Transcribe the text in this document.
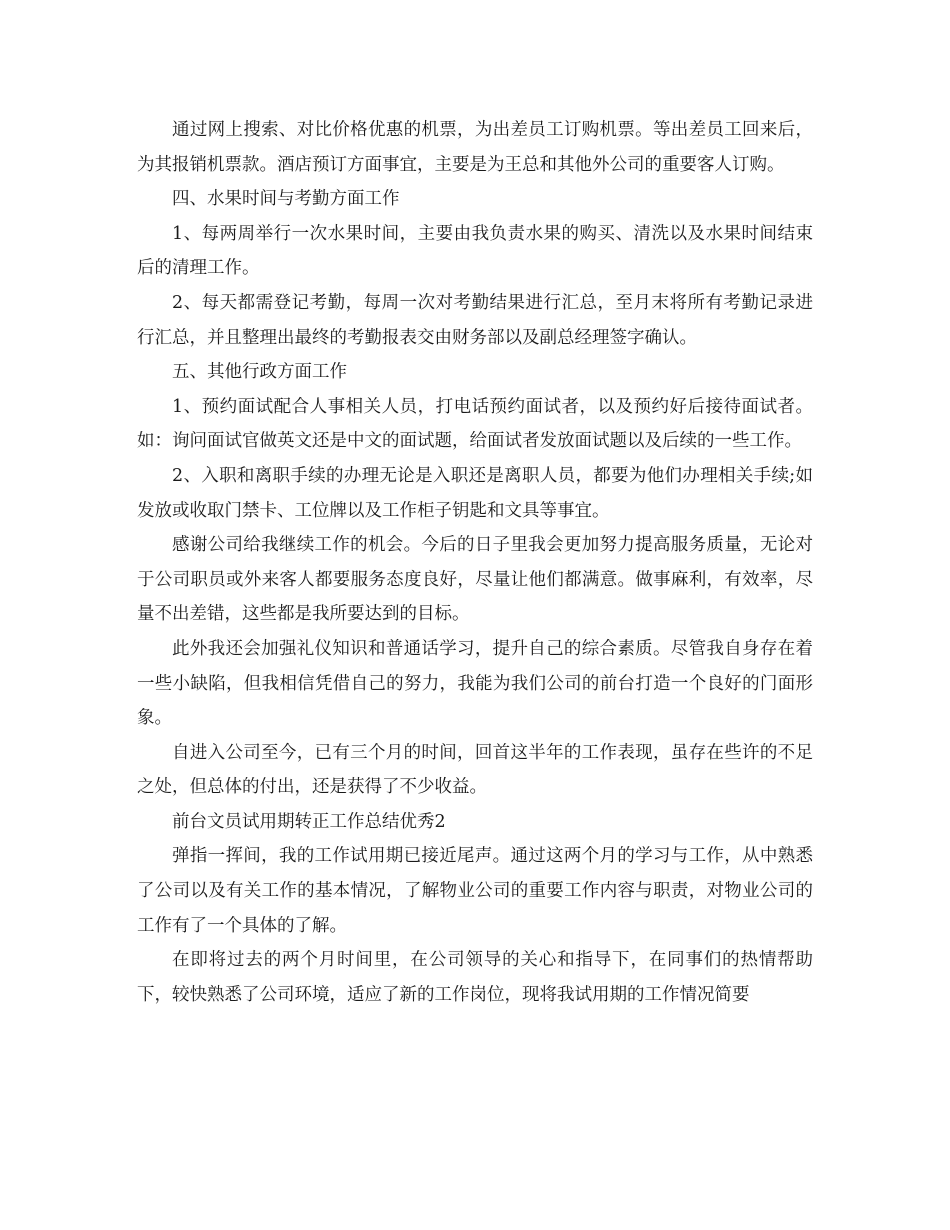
通过网上搜索、对比价格优惠的机票，为出差员工订购机票。等出差员工回来后，为其报销机票款。酒店预订方面事宜，主要是为王总和其他外公司的重要客人订购。

四、水果时间与考勤方面工作

1、每两周举行一次水果时间，主要由我负责水果的购买、清洗以及水果时间结束后的清理工作。

2、每天都需登记考勤，每周一次对考勤结果进行汇总，至月末将所有考勤记录进行汇总，并且整理出最终的考勤报表交由财务部以及副总经理签字确认。

五、其他行政方面工作

1、预约面试配合人事相关人员，打电话预约面试者，以及预约好后接待面试者。如：询问面试官做英文还是中文的面试题，给面试者发放面试题以及后续的一些工作。

2、入职和离职手续的办理无论是入职还是离职人员，都要为他们办理相关手续;如发放或收取门禁卡、工位牌以及工作柜子钥匙和文具等事宜。

感谢公司给我继续工作的机会。今后的日子里我会更加努力提高服务质量，无论对于公司职员或外来客人都要服务态度良好，尽量让他们都满意。做事麻利，有效率，尽量不出差错，这些都是我所要达到的目标。

此外我还会加强礼仪知识和普通话学习，提升自己的综合素质。尽管我自身存在着一些小缺陷，但我相信凭借自己的努力，我能为我们公司的前台打造一个良好的门面形象。

自进入公司至今，已有三个月的时间，回首这半年的工作表现，虽存在些许的不足之处，但总体的付出，还是获得了不少收益。

前台文员试用期转正工作总结优秀2

弹指一挥间，我的工作试用期已接近尾声。通过这两个月的学习与工作，从中熟悉了公司以及有关工作的基本情况，了解物业公司的重要工作内容与职责，对物业公司的工作有了一个具体的了解。

在即将过去的两个月时间里，在公司领导的关心和指导下，在同事们的热情帮助下，较快熟悉了公司环境，适应了新的工作岗位，现将我试用期的工作情况简要
